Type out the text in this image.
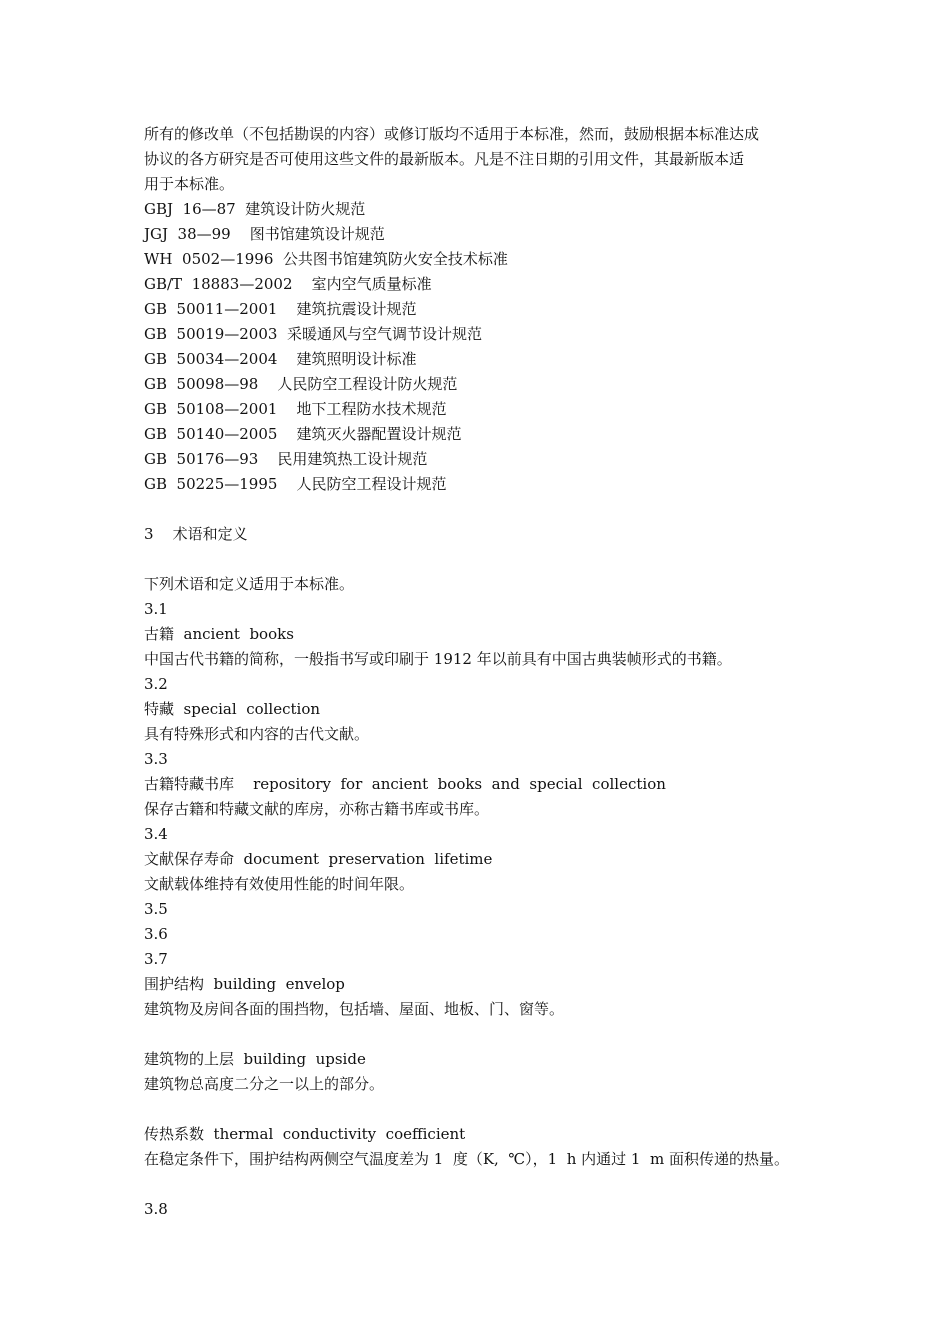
所有的修改单（不包括勘误的内容）或修订版均不适用于本标准，然而，鼓励根据本标准达成
协议的各方研究是否可使用这些文件的最新版本。凡是不注日期的引用文件，其最新版本适
用于本标准。
GBJ  16—87  建筑设计防火规范
JGJ  38—99    图书馆建筑设计规范
WH  0502—1996  公共图书馆建筑防火安全技术标准
GB/T  18883—2002    室内空气质量标准
GB  50011—2001    建筑抗震设计规范
GB  50019—2003  采暖通风与空气调节设计规范
GB  50034—2004    建筑照明设计标准
GB  50098—98    人民防空工程设计防火规范
GB  50108—2001    地下工程防水技术规范
GB  50140—2005    建筑灭火器配置设计规范
GB  50176—93    民用建筑热工设计规范
GB  50225—1995    人民防空工程设计规范
3    术语和定义
下列术语和定义适用于本标准。
3.1
古籍  ancient  books
中国古代书籍的简称，一般指书写或印刷于 1912 年以前具有中国古典装帧形式的书籍。
3.2
特藏  special  collection
具有特殊形式和内容的古代文献。
3.3
古籍特藏书库    repository  for  ancient  books  and  special  collection
保存古籍和特藏文献的库房，亦称古籍书库或书库。
3.4
文献保存寿命  document  preservation  lifetime
文献载体维持有效使用性能的时间年限。
3.5
3.6
3.7
围护结构  building  envelop
建筑物及房间各面的围挡物，包括墙、屋面、地板、门、窗等。
建筑物的上层  building  upside
建筑物总高度二分之一以上的部分。
传热系数  thermal  conductivity  coefficient
在稳定条件下，围护结构两侧空气温度差为 1  度（K,  ℃），1  h 内通过 1  m 面积传递的热量。
3.8
